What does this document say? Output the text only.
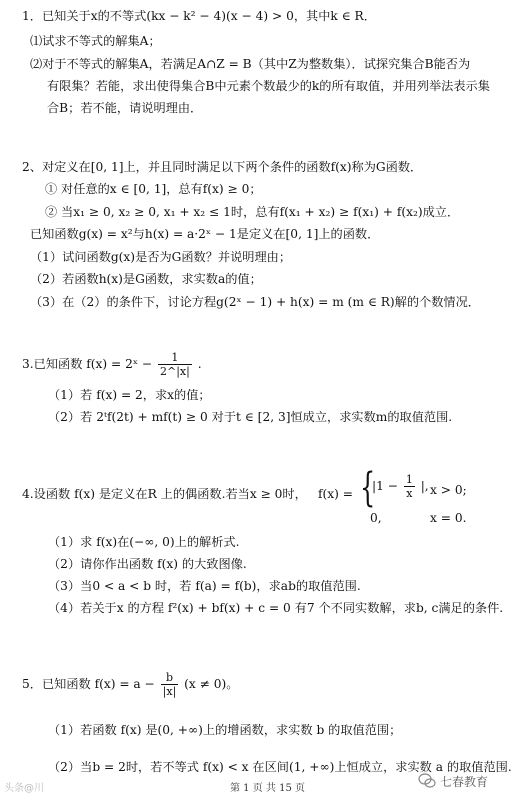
1．已知关于x的不等式(kx − k² − 4)(x − 4) > 0，其中k ∈ R．
⑴试求不等式的解集A；
⑵对于不等式的解集A，若满足A∩Z = B（其中Z为整数集）．试探究集合B能否为
有限集？若能，求出使得集合B中元素个数最少的k的所有取值，并用列举法表示集
合B；若不能，请说明理由．
2、对定义在[0, 1]上，并且同时满足以下两个条件的函数f(x)称为G函数．
① 对任意的x ∈ [0, 1]，总有f(x) ≥ 0；
② 当x₁ ≥ 0, x₂ ≥ 0, x₁ + x₂ ≤ 1时，总有f(x₁ + x₂) ≥ f(x₁) + f(x₂)成立．
已知函数g(x) = x²与h(x) = a·2ˣ − 1是定义在[0, 1]上的函数．
（1）试问函数g(x)是否为G函数？并说明理由；
（2）若函数h(x)是G函数，求实数a的值；
（3）在（2）的条件下，讨论方程g(2ˣ − 1) + h(x) = m (m ∈ R)解的个数情况．
3.已知函数 f(x) = 2ˣ − $\frac{1}{2\^{}|x|}$ .
（1）若 f(x) = 2，求x的值；
（2）若 2ᵗf(2t) + mf(t) ≥ 0 对于t ∈ [2, 3]恒成立，求实数m的取值范围.
4.设函数 f(x) 是定义在R 上的偶函数.若当x ≥ 0时， f(x) = {
$|1 - \frac{1}{x}$ |, x > 0;
0,	x = 0.
（1）求 f(x)在(−∞, 0)上的解析式.
（2）请你作出函数 f(x) 的大致图像.
（3）当0 < a < b 时，若 f(a) = f(b)，求ab的取值范围.
（4）若关于x 的方程 f²(x) + bf(x) + c = 0 有7 个不同实数解，求b, c满足的条件.
5．已知函数 $f(x) = a - \frac{b}{|x|} (x \ne 0)$。
（1）若函数 f(x) 是(0, +∞)上的增函数，求实数 b 的取值范围；
（2）当b = 2时，若不等式 f(x) < x 在区间(1, +∞)上恒成立，求实数 a 的取值范围.
头条@川	第 1 页 共 15 页	七春教育
